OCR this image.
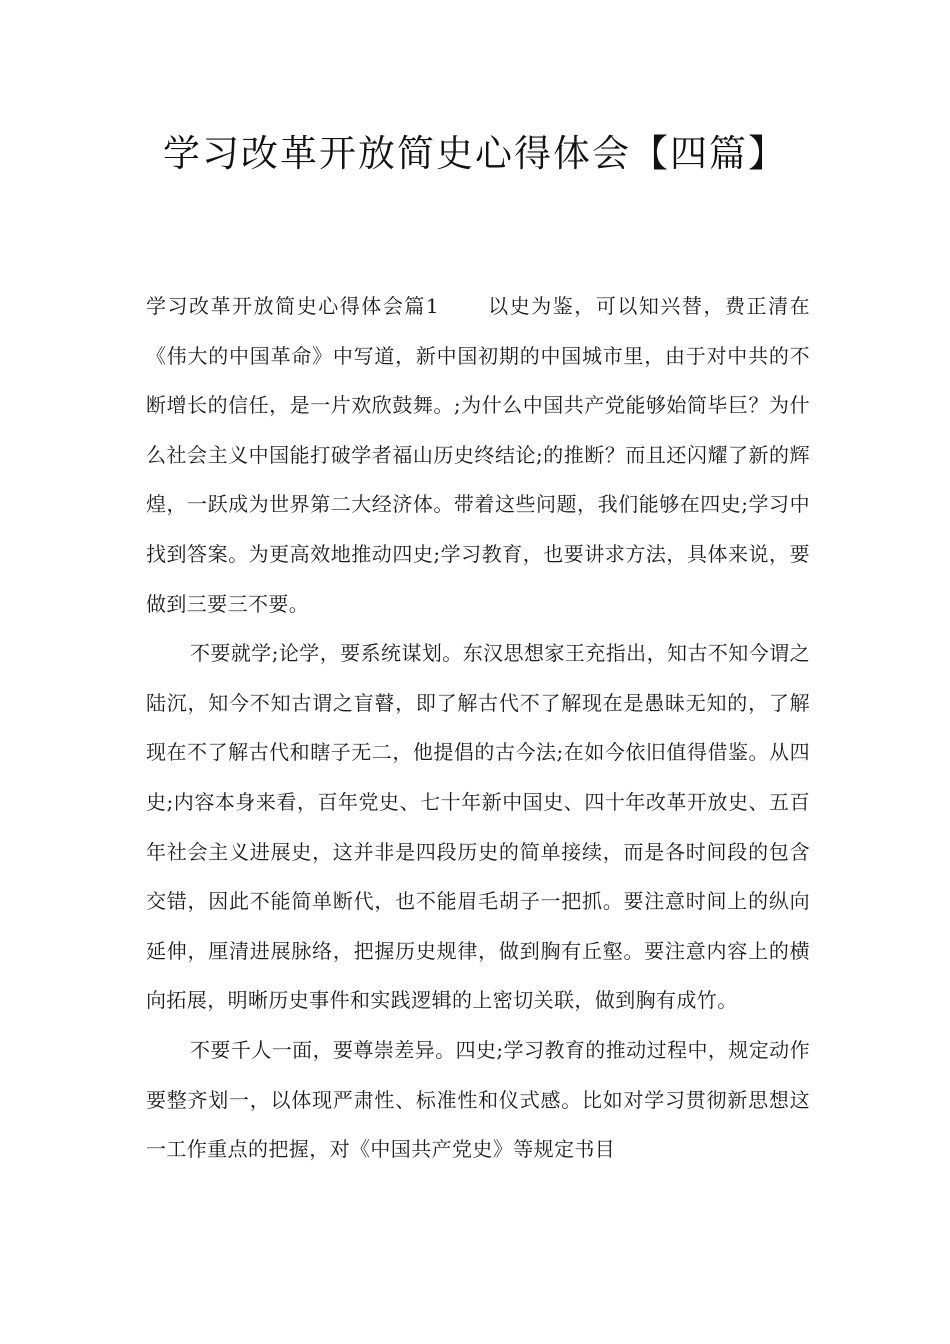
学习改革开放简史心得体会【四篇】

学习改革开放简史心得体会篇1 以史为鉴，可以知兴替，费正清在《伟大的中国革命》中写道，新中国初期的中国城市里，由于对中共的不断增长的信任，是一片欢欣鼓舞。;为什么中国共产党能够始简毕巨？为什么社会主义中国能打破学者福山历史终结论;的推断？而且还闪耀了新的辉煌，一跃成为世界第二大经济体。带着这些问题，我们能够在四史;学习中找到答案。为更高效地推动四史;学习教育，也要讲求方法，具体来说，要做到三要三不要。

不要就学;论学，要系统谋划。东汉思想家王充指出，知古不知今谓之陆沉，知今不知古谓之盲瞽，即了解古代不了解现在是愚昧无知的，了解现在不了解古代和瞎子无二，他提倡的古今法;在如今依旧值得借鉴。从四史;内容本身来看，百年党史、七十年新中国史、四十年改革开放史、五百年社会主义进展史，这并非是四段历史的简单接续，而是各时间段的包含交错，因此不能简单断代，也不能眉毛胡子一把抓。要注意时间上的纵向延伸，厘清进展脉络，把握历史规律，做到胸有丘壑。要注意内容上的横向拓展，明晰历史事件和实践逻辑的上密切关联，做到胸有成竹。

不要千人一面，要尊崇差异。四史;学习教育的推动过程中，规定动作要整齐划一，以体现严肃性、标准性和仪式感。比如对学习贯彻新思想这一工作重点的把握，对《中国共产党史》等规定书目
